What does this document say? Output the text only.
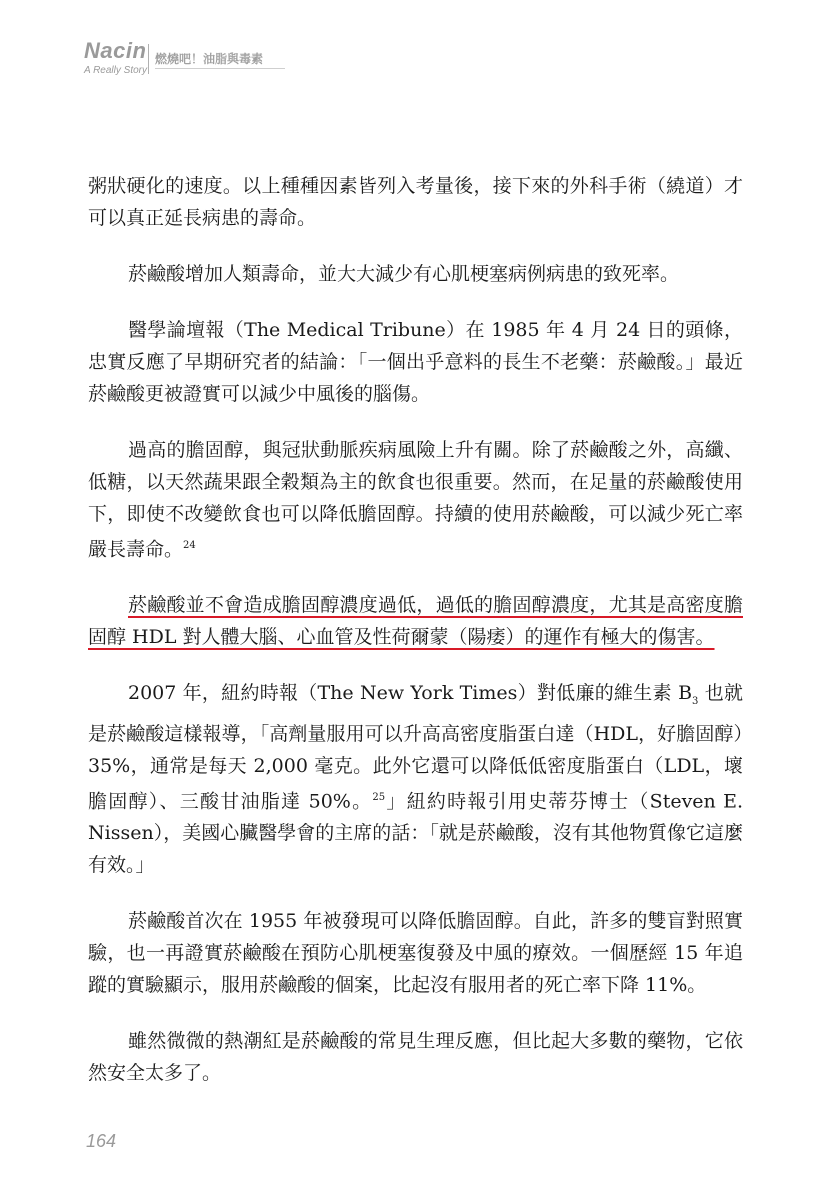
Nacin
A Really Story
燃燒吧！油脂與毒素

粥狀硬化的速度。以上種種因素皆列入考量後，接下來的外科手術（繞道）才可以真正延長病患的壽命。

菸鹼酸增加人類壽命，並大大減少有心肌梗塞病例病患的致死率。

醫學論壇報（The Medical Tribune）在 1985 年 4 月 24 日的頭條，忠實反應了早期研究者的結論：「一個出乎意料的長生不老藥：菸鹼酸。」最近菸鹼酸更被證實可以減少中風後的腦傷。

過高的膽固醇，與冠狀動脈疾病風險上升有關。除了菸鹼酸之外，高纖、低糖，以天然蔬果跟全穀類為主的飲食也很重要。然而，在足量的菸鹼酸使用下，即使不改變飲食也可以降低膽固醇。持續的使用菸鹼酸，可以減少死亡率嚴長壽命。$^{24}$

菸鹼酸並不會造成膽固醇濃度過低，過低的膽固醇濃度，尤其是高密度膽固醇 HDL 對人體大腦、心血管及性荷爾蒙（陽痿）的運作有極大的傷害。

2007 年，紐約時報（The New York Times）對低廉的維生素 $B_3$ 也就是菸鹼酸這樣報導，「高劑量服用可以升高高密度脂蛋白達（HDL，好膽固醇）35%，通常是每天 2,000 毫克。此外它還可以降低低密度脂蛋白（LDL，壞膽固醇）、三酸甘油脂達 50%。$^{25}$」紐約時報引用史蒂芬博士（Steven E. Nissen），美國心臟醫學會的主席的話：「就是菸鹼酸，沒有其他物質像它這麼有效。」

菸鹼酸首次在 1955 年被發現可以降低膽固醇。自此，許多的雙盲對照實驗，也一再證實菸鹼酸在預防心肌梗塞復發及中風的療效。一個歷經 15 年追蹤的實驗顯示，服用菸鹼酸的個案，比起沒有服用者的死亡率下降 11%。

雖然微微的熱潮紅是菸鹼酸的常見生理反應，但比起大多數的藥物，它依然安全太多了。

164
